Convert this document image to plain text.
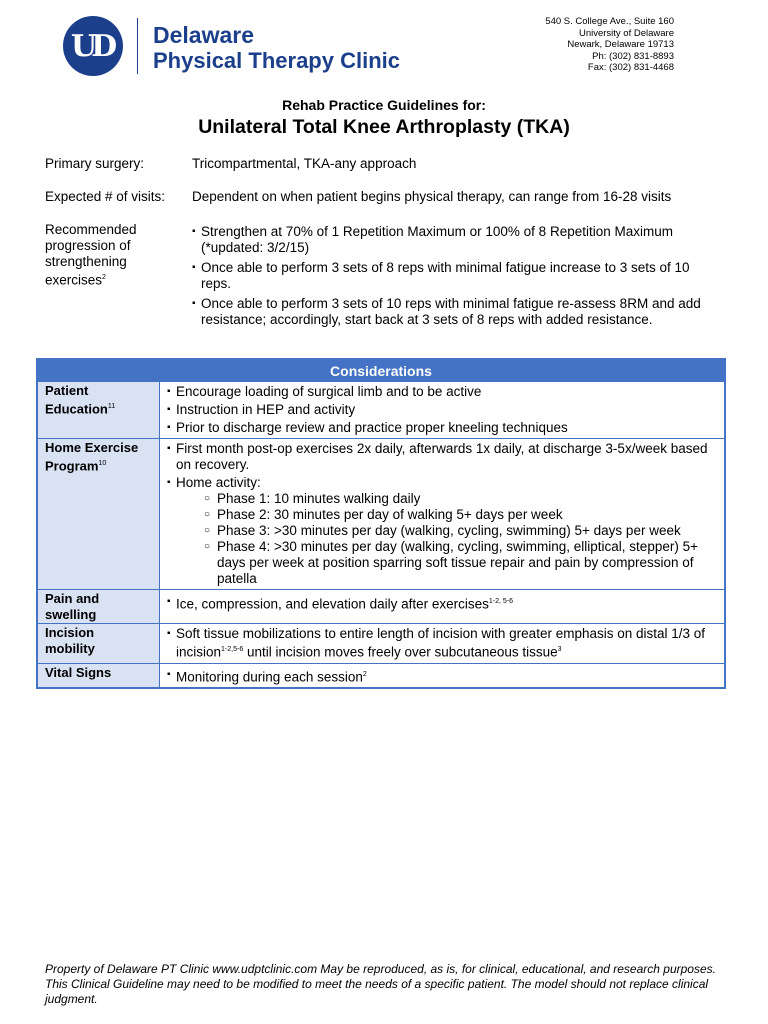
UD Delaware
Physical Therapy Clinic
540 S. College Ave., Suite 160
University of Delaware
Newark, Delaware 19713
Ph: (302) 831-8893
Fax: (302) 831-4468
Rehab Practice Guidelines for:
Unilateral Total Knee Arthroplasty (TKA)
Primary surgery:	Tricompartmental, TKA-any approach
Expected # of visits: Dependent on when patient begins physical therapy, can range from 16-28 visits
Recommended
progression of
strengthening
exercises$^2$
▪ Strengthen at 70% of 1 Repetition Maximum or 100% of 8 Repetition Maximum (*updated: 3/2/15)
▪ Once able to perform 3 sets of 8 reps with minimal fatigue increase to 3 sets of 10 reps.
▪ Once able to perform 3 sets of 10 reps with minimal fatigue re-assess 8RM and add resistance; accordingly, start back at 3 sets of 8 reps with added resistance.
Considerations
Patient
Education$^{11}$
▪ Encourage loading of surgical limb and to be active
▪ Instruction in HEP and activity
▪ Prior to discharge review and practice proper kneeling techniques
Home Exercise
Program$^{10}$
▪ First month post-op exercises 2x daily, afterwards 1x daily, at discharge 3-5x/week based on recovery.
▪ Home activity:
○ Phase 1: 10 minutes walking daily
○ Phase 2: 30 minutes per day of walking 5+ days per week
○ Phase 3: >30 minutes per day (walking, cycling, swimming) 5+ days per week
○ Phase 4: >30 minutes per day (walking, cycling, swimming, elliptical, stepper) 5+ days per week at position sparring soft tissue repair and pain by compression of patella
Pain and
swelling
▪ Ice, compression, and elevation daily after exercises$^{1-2, 5-6}$
Incision
mobility
▪ Soft tissue mobilizations to entire length of incision with greater emphasis on distal 1/3 of incision$^{1-2,5-6}$ until incision moves freely over subcutaneous tissue$^3$
Vital Signs
▪	Monitoring during each session$^2$
Property of Delaware PT Clinic www.udptclinic.com May be reproduced, as is, for clinical, educational, and research purposes. This Clinical Guideline may need to be modified to meet the needs of a specific patient. The model should not replace clinical judgment.
